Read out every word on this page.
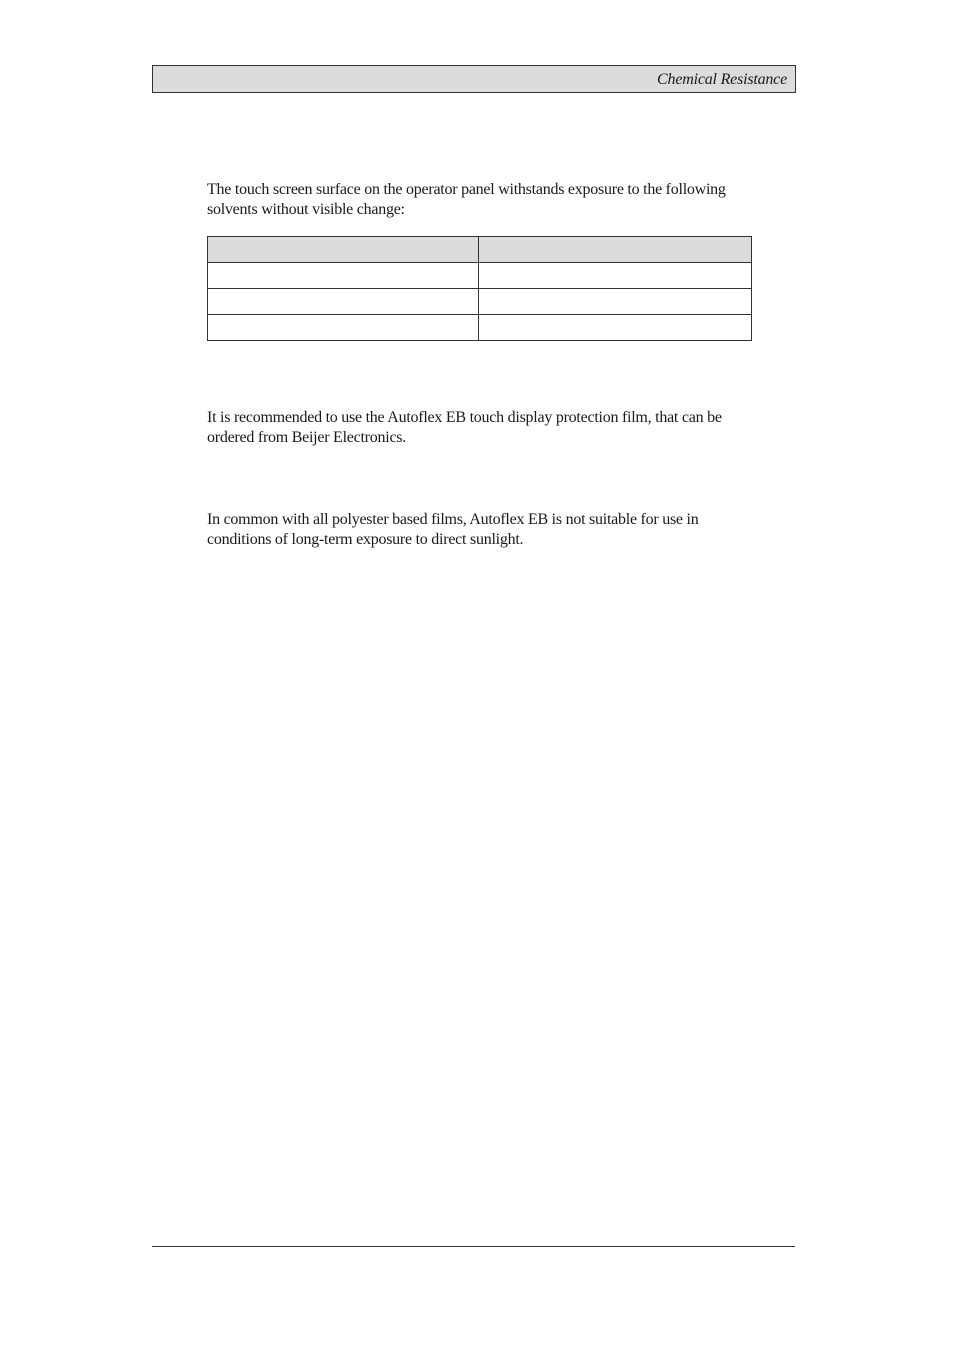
Chemical Resistance

The touch screen surface on the operator panel withstands exposure to the following solvents without visible change:

It is recommended to use the Autoflex EB touch display protection film, that can be ordered from Beijer Electronics.

In common with all polyester based films, Autoflex EB is not suitable for use in conditions of long-term exposure to direct sunlight.
